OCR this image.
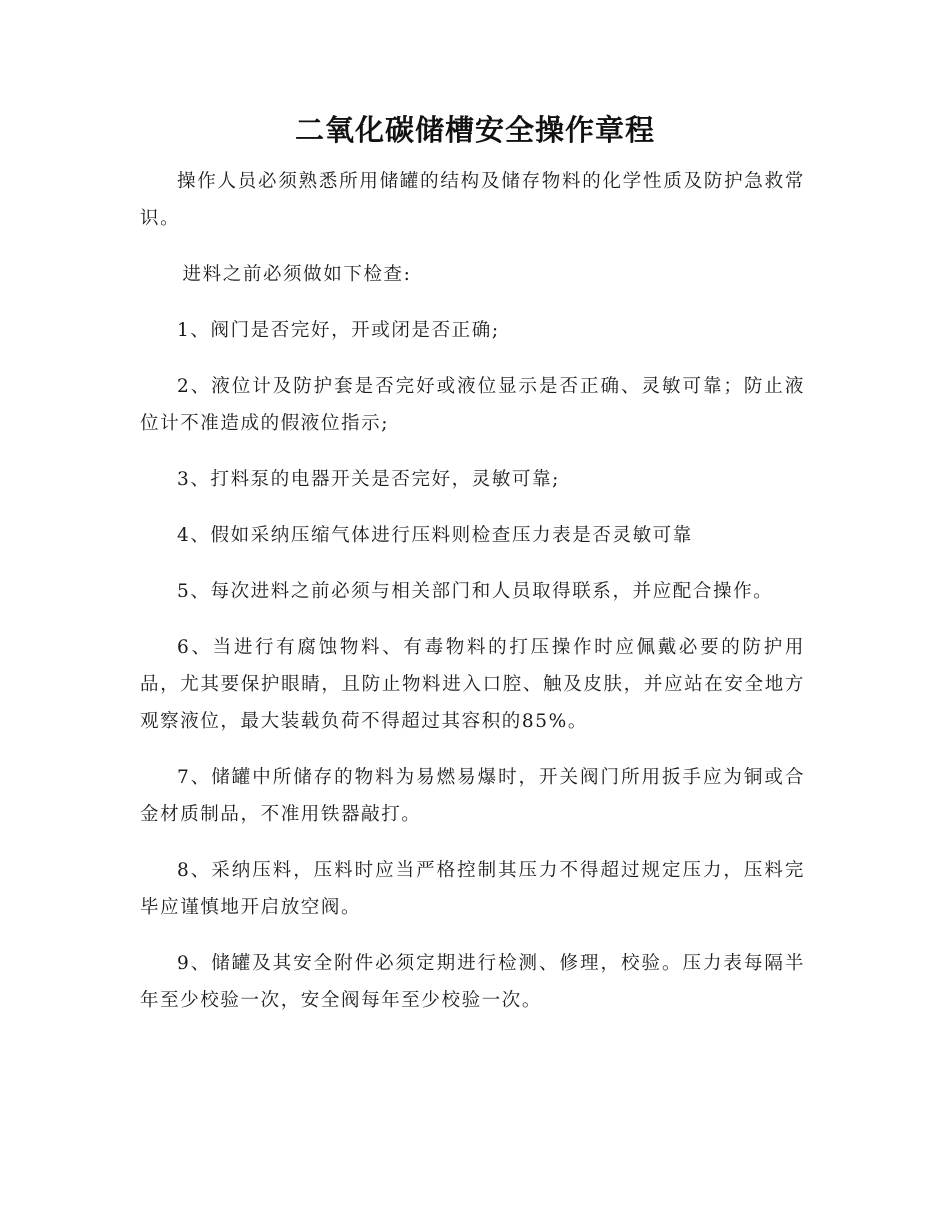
二氧化碳储槽安全操作章程

操作人员必须熟悉所用储罐的结构及储存物料的化学性质及防护急救常识。

进料之前必须做如下检查:

1、阀门是否完好，开或闭是否正确;

2、液位计及防护套是否完好或液位显示是否正确、灵敏可靠；防止液位计不准造成的假液位指示;

3、打料泵的电器开关是否完好，灵敏可靠;

4、假如采纳压缩气体进行压料则检查压力表是否灵敏可靠

5、每次进料之前必须与相关部门和人员取得联系，并应配合操作。

6、当进行有腐蚀物料、有毒物料的打压操作时应佩戴必要的防护用品，尤其要保护眼睛，且防止物料进入口腔、触及皮肤，并应站在安全地方观察液位，最大装载负荷不得超过其容积的85%。

7、储罐中所储存的物料为易燃易爆时，开关阀门所用扳手应为铜或合金材质制品，不准用铁器敲打。

8、采纳压料，压料时应当严格控制其压力不得超过规定压力，压料完毕应谨慎地开启放空阀。

9、储罐及其安全附件必须定期进行检测、修理，校验。压力表每隔半年至少校验一次，安全阀每年至少校验一次。
